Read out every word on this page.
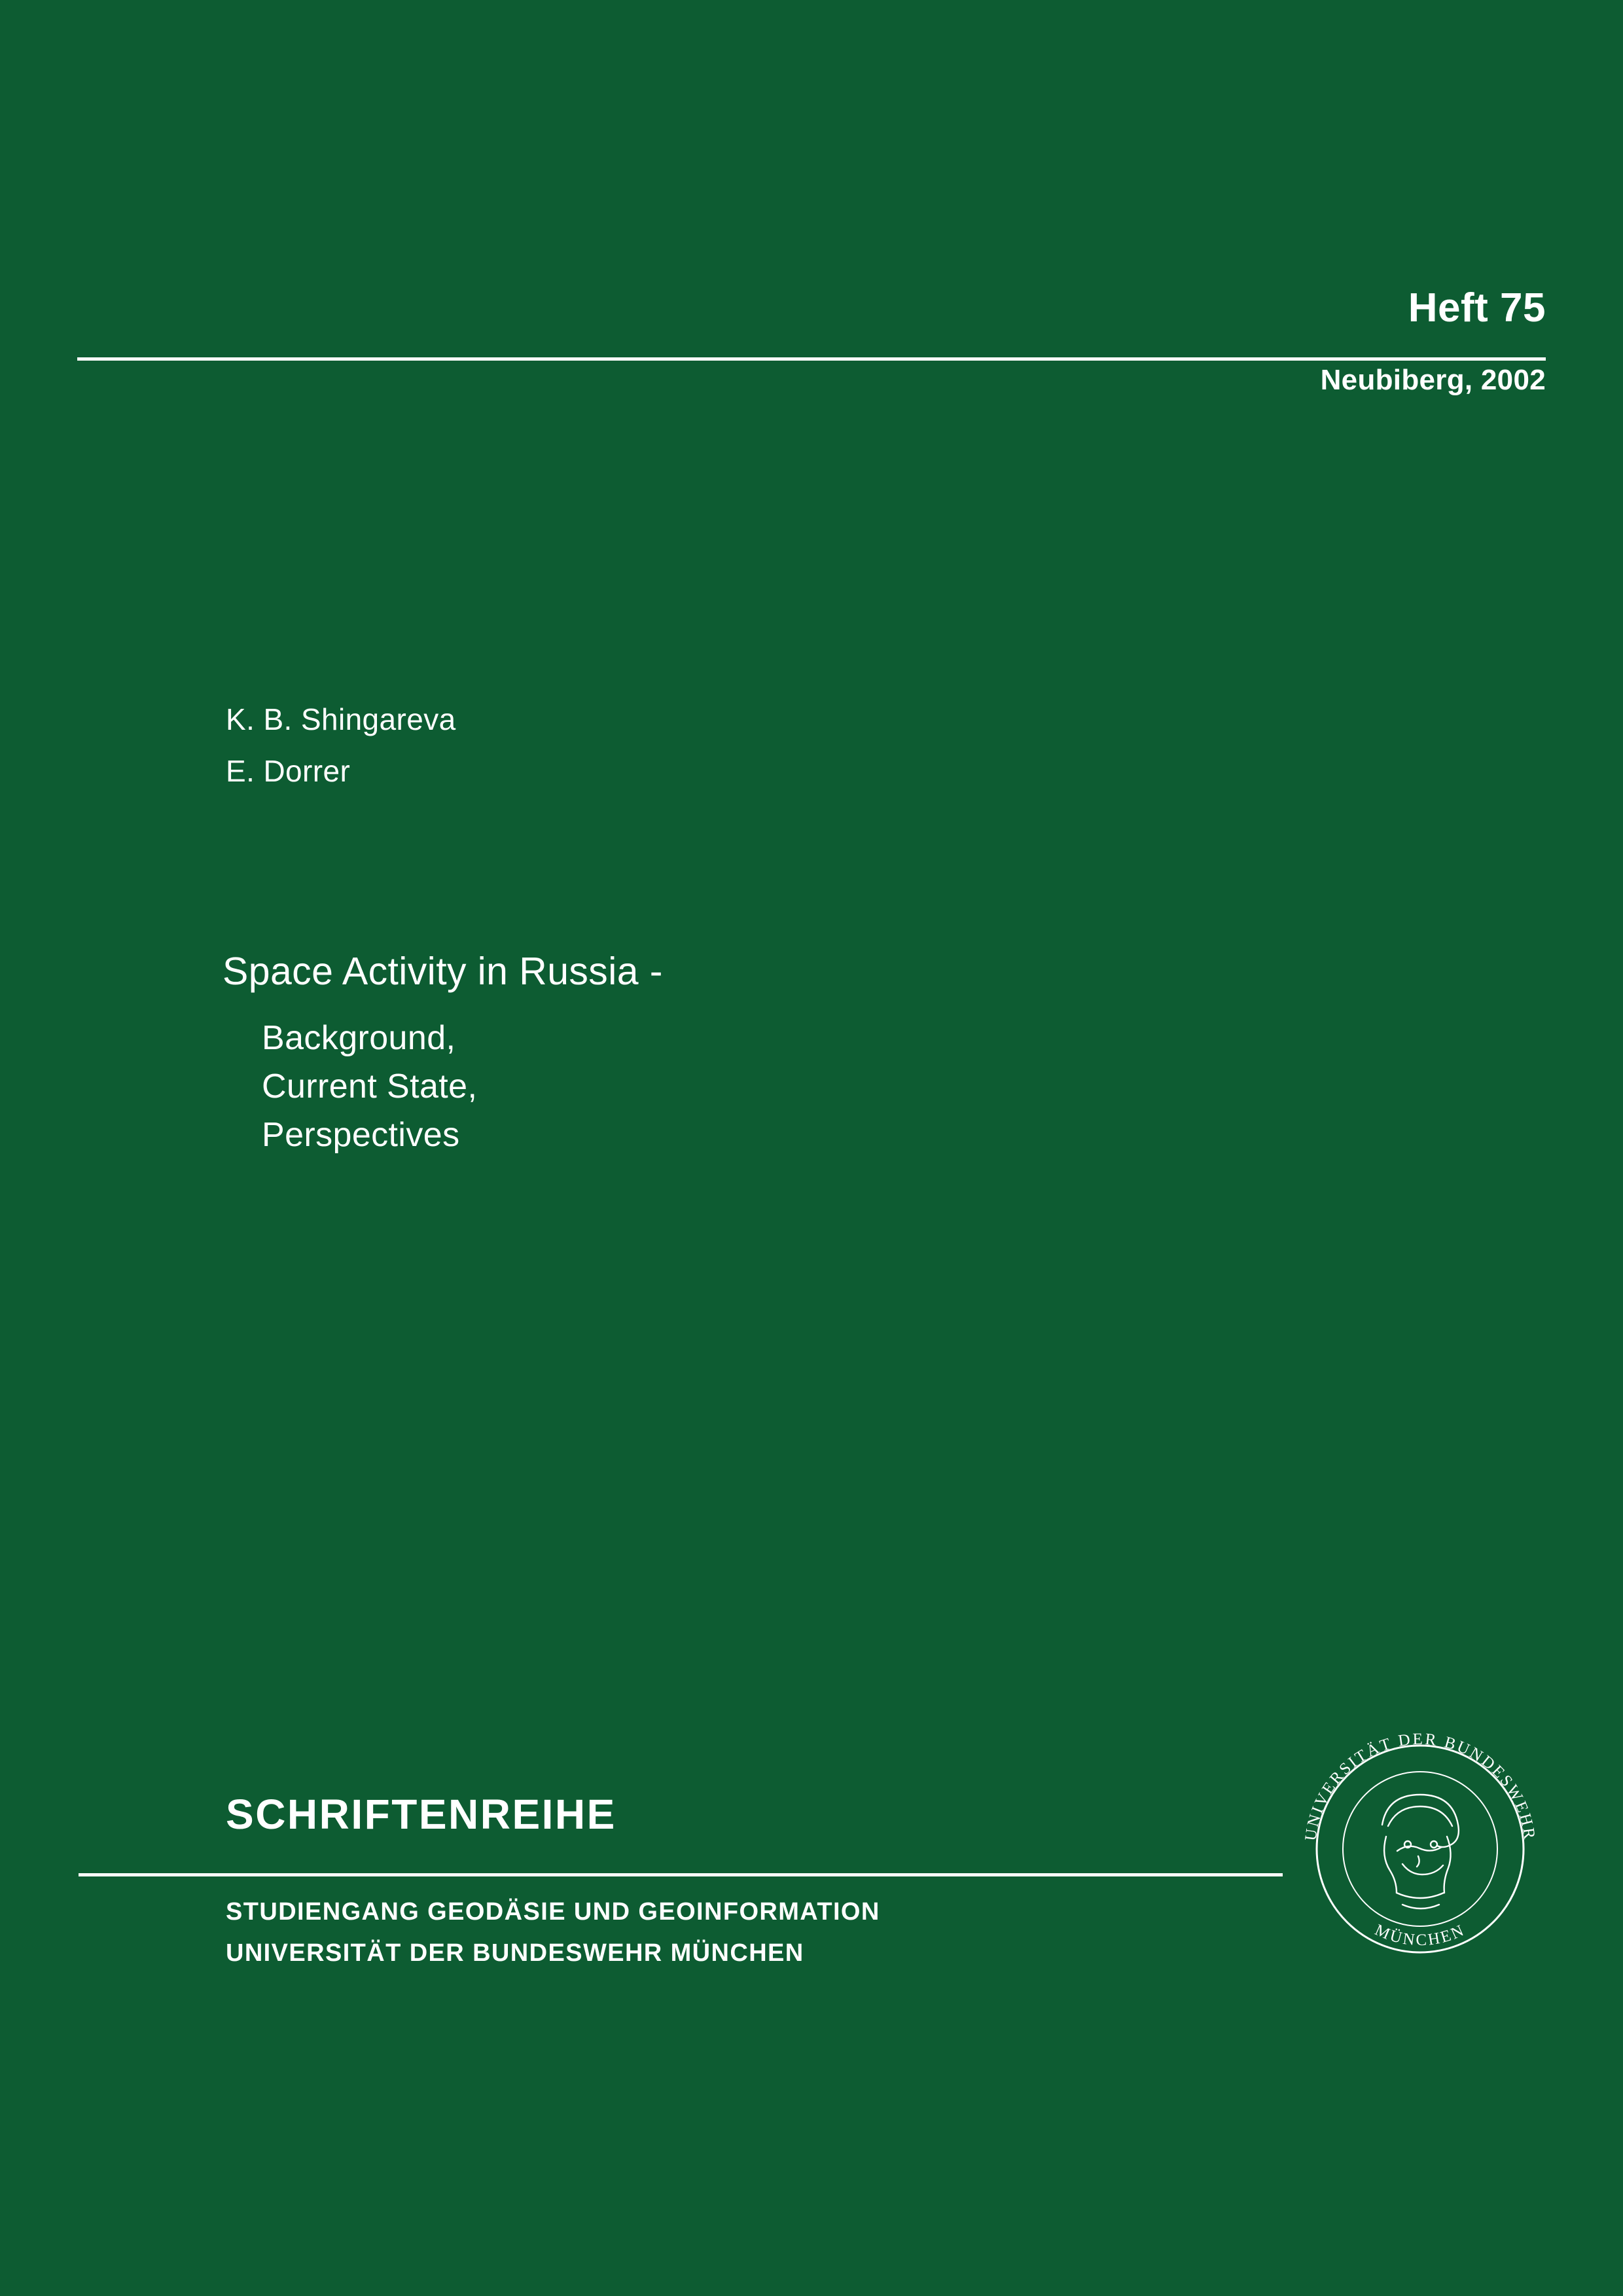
Heft 75
Neubiberg, 2002
K. B. Shingareva
E. Dorrer
Space Activity in Russia -
Background,
Current State,
Perspectives
SCHRIFTENREIHE
STUDIENGANG GEODÄSIE UND GEOINFORMATION
UNIVERSITÄT DER BUNDESWEHR MÜNCHEN
UNIVERSITÄT DER BUNDESWEHR
MÜNCHEN
